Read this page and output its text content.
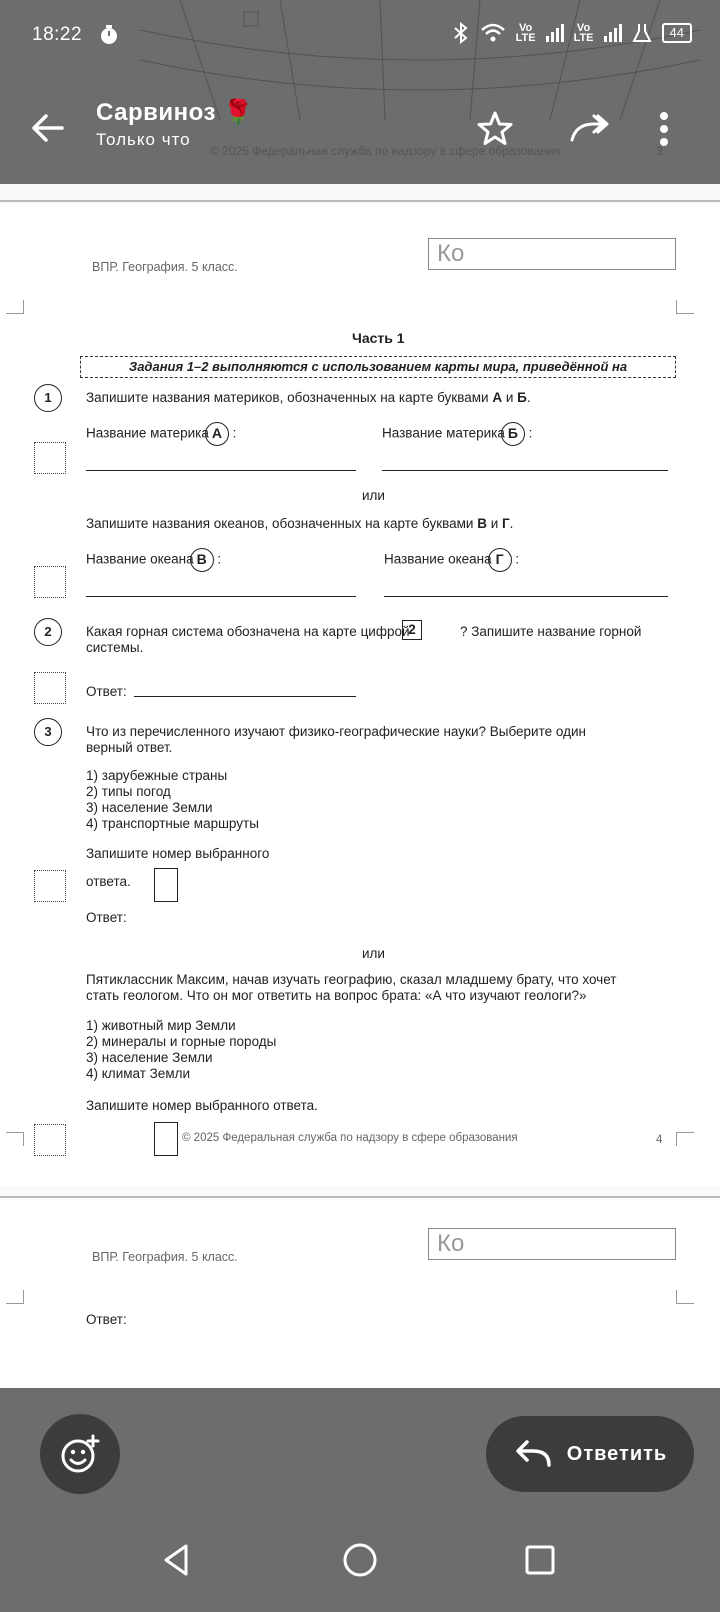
18:22	Vo
LTE
Vo
LTE	44
Сарвиноз 🌹
Только что
© 2025 Федеральная служба по надзору в сфере образования	3
ВПР. География. 5 класс.	Ко
Часть 1
Задания 1–2 выполняются с использованием карты мира, приведённой на
1	Запишите названия материков, обозначенных на карте буквами А и Б.
Название материка А :	Название материка Б :
или
Запишите названия океанов, обозначенных на карте буквами В и Г.
Название океана В :	Название океана Г :
2	Какая горная система обозначена на карте цифрой
2	? Запишите название горной
системы.
Ответ:
3	Что из перечисленного изучают физико-географические науки? Выберите один
верный ответ.
1) зарубежные страны
2) типы погод
3) население Земли
4) транспортные маршруты
Запишите номер выбранного
ответа.
Ответ:
или
Пятиклассник Максим, начав изучать географию, сказал младшему брату, что хочет
стать геологом. Что он мог ответить на вопрос брата: «А что изучают геологи?»
1) животный мир Земли
2) минералы и горные породы
3) население Земли
4) климат Земли
Запишите номер выбранного ответа.
© 2025 Федеральная служба по надзору в сфере образования	4
ВПР. География. 5 класс.	Ко
Ответ:
Ответить
